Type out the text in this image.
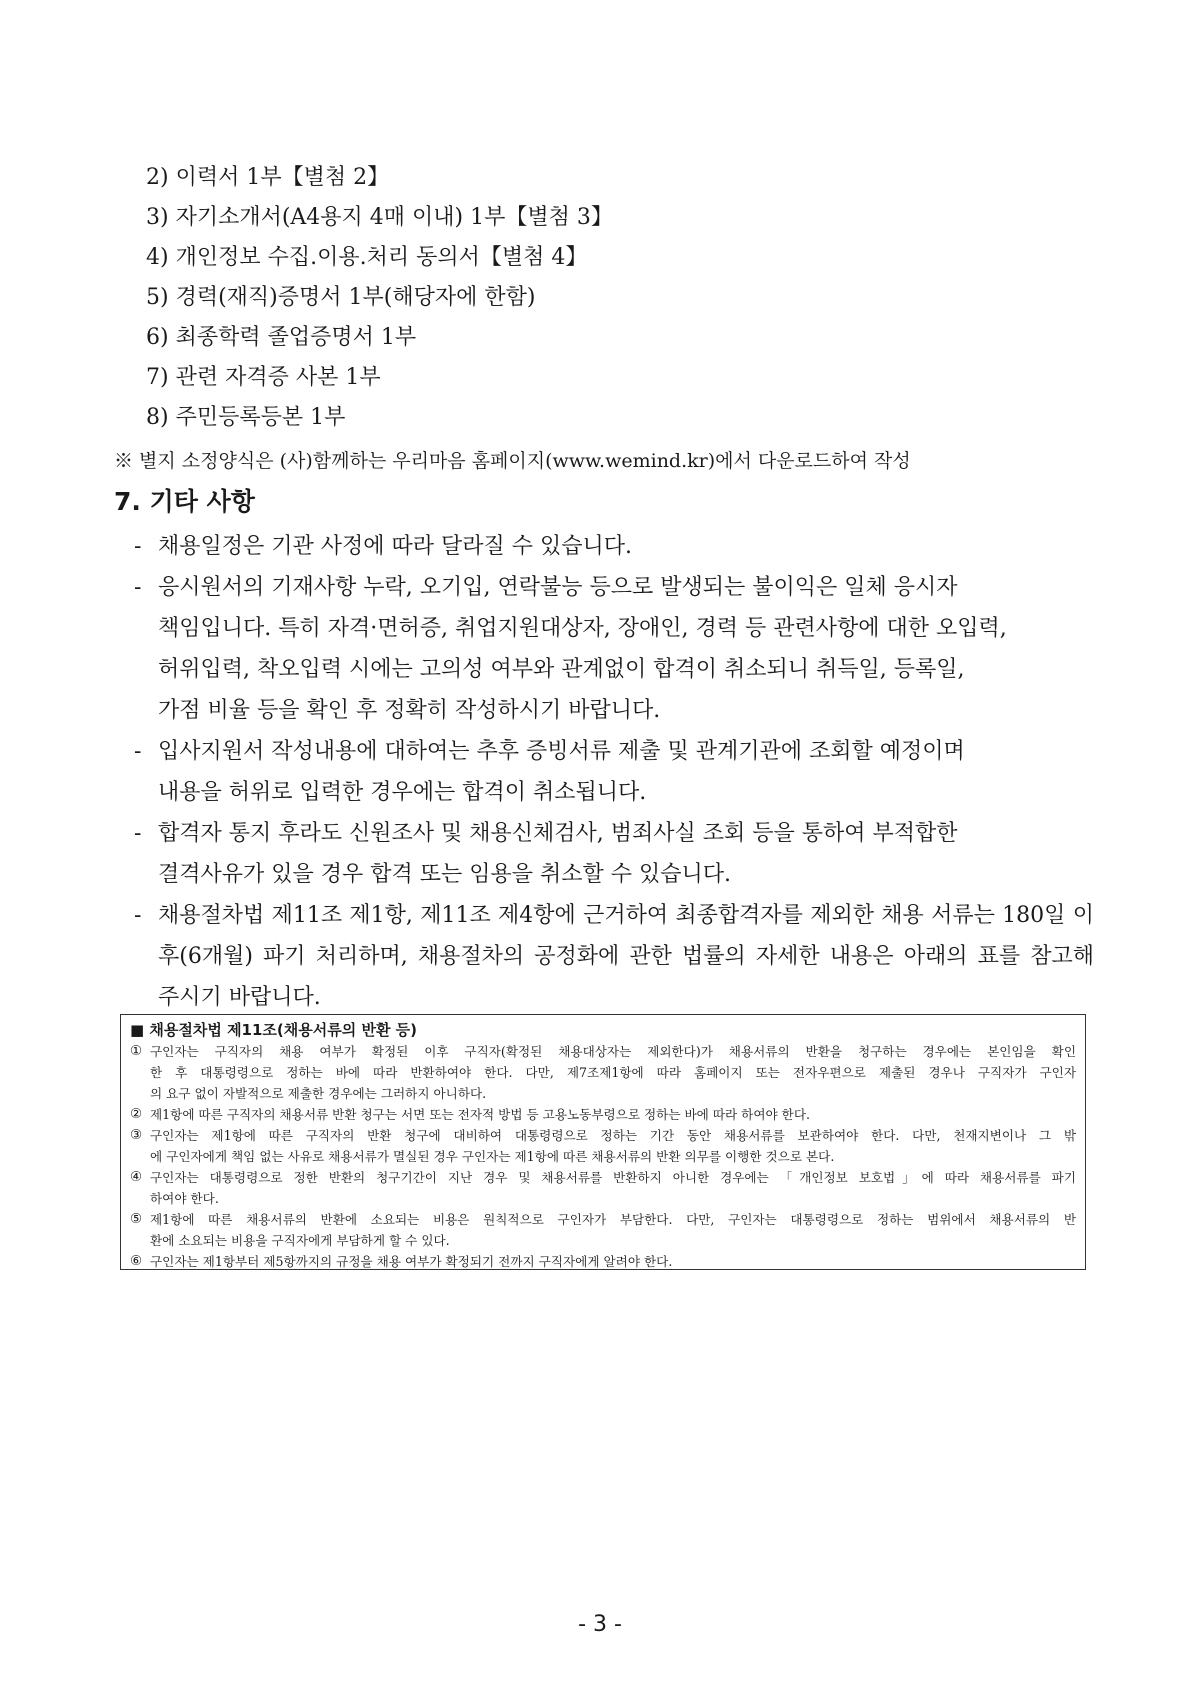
2) 이력서 1부【별첨 2】
3) 자기소개서(A4용지 4매 이내) 1부【별첨 3】
4) 개인정보 수집.이용.처리 동의서【별첨 4】
5) 경력(재직)증명서 1부(해당자에 한함)
6) 최종학력 졸업증명서 1부
7) 관련 자격증 사본 1부
8) 주민등록등본 1부
※ 별지 소정양식은 (사)함께하는 우리마음 홈페이지(www.wemind.kr)에서 다운로드하여 작성
7. 기타 사항
- 채용일정은 기관 사정에 따라 달라질 수 있습니다.
- 응시원서의 기재사항 누락, 오기입, 연락불능 등으로 발생되는 불이익은 일체 응시자
책임입니다. 특히 자격·면허증, 취업지원대상자, 장애인, 경력 등 관련사항에 대한 오입력,
허위입력, 착오입력 시에는 고의성 여부와 관계없이 합격이 취소되니 취득일, 등록일,
가점 비율 등을 확인 후 정확히 작성하시기 바랍니다.
- 입사지원서 작성내용에 대하여는 추후 증빙서류 제출 및 관계기관에 조회할 예정이며
내용을 허위로 입력한 경우에는 합격이 취소됩니다.
- 합격자 통지 후라도 신원조사 및 채용신체검사, 범죄사실 조회 등을 통하여 부적합한
결격사유가 있을 경우 합격 또는 임용을 취소할 수 있습니다.
- 채용절차법 제11조 제1항, 제11조 제4항에 근거하여 최종합격자를 제외한 채용 서류는 180일 이
후(6개월) 파기 처리하며, 채용절차의 공정화에 관한 법률의 자세한 내용은 아래의 표를 참고해
주시기 바랍니다.

■ 채용절차법 제11조(채용서류의 반환 등)

① 구인자는 구직자의 채용 여부가 확정된 이후 구직자(확정된 채용대상자는 제외한다)가 채용서류의 반환을 청구하는 경우에는 본인임을 확인
한 후 대통령령으로 정하는 바에 따라 반환하여야 한다. 다만, 제7조제1항에 따라 홈페이지 또는 전자우편으로 제출된 경우나 구직자가 구인자
의 요구 없이 자발적으로 제출한 경우에는 그러하지 아니하다.
② 제1항에 따른 구직자의 채용서류 반환 청구는 서면 또는 전자적 방법 등 고용노동부령으로 정하는 바에 따라 하여야 한다.
③ 구인자는 제1항에 따른 구직자의 반환 청구에 대비하여 대통령령으로 정하는 기간 동안 채용서류를 보관하여야 한다. 다만, 천재지변이나 그 밖
에 구인자에게 책임 없는 사유로 채용서류가 멸실된 경우 구인자는 제1항에 따른 채용서류의 반환 의무를 이행한 것으로 본다.
④ 구인자는 대통령령으로 정한 반환의 청구기간이 지난 경우 및 채용서류를 반환하지 아니한 경우에는 「개인정보 보호법」에 따라 채용서류를 파기
하여야 한다.
⑤ 제1항에 따른 채용서류의 반환에 소요되는 비용은 원칙적으로 구인자가 부담한다. 다만, 구인자는 대통령령으로 정하는 범위에서 채용서류의 반
환에 소요되는 비용을 구직자에게 부담하게 할 수 있다.
⑥ 구인자는 제1항부터 제5항까지의 규정을 채용 여부가 확정되기 전까지 구직자에게 알려야 한다.
- 3 -
